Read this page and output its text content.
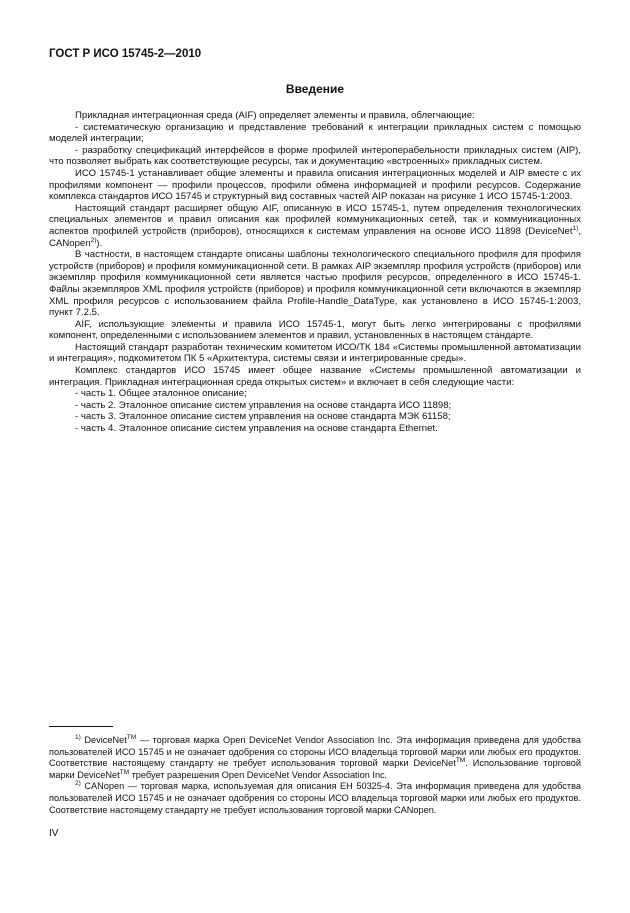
ГОСТ Р ИСО 15745-2—2010
Введение

Прикладная интеграционная среда (AIF) определяет элементы и правила, облегчающие:

- систематическую организацию и представление требований к интеграции прикладных систем с помощью моделей интеграции;

- разработку спецификаций интерфейсов в форме профилей интероперабельности прикладных систем (AIP), что позволяет выбрать как соответствующие ресурсы, так и документацию «встроенных» прикладных систем.

ИСО 15745-1 устанавливает общие элементы и правила описания интеграционных моделей и AIP вместе с их профилями компонент — профили процессов, профили обмена информацией и профили ресурсов. Содержание комплекса стандартов ИСО 15745 и структурный вид составных частей AIP показан на рисунке 1 ИСО 15745-1:2003.

Настоящий стандарт расширяет общую AIF, описанную в ИСО 15745-1, путем определения технологических специальных элементов и правил описания как профилей коммуникационных сетей, так и коммуникационных аспектов профилей устройств (приборов), относящихся к системам управления на основе ИСО 11898 (DeviceNet$^{1)}$, CANopen$^{2)}$).

В частности, в настоящем стандарте описаны шаблоны технологического специального профиля для профиля устройств (приборов) и профиля коммуникационной сети. В рамках AIP экземпляр профиля устройств (приборов) или экземпляр профиля коммуникационной сети является частью профиля ресурсов, определенного в ИСО 15745-1. Файлы экземпляров XML профиля устройств (приборов) и профиля коммуникационной сети включаются в экземпляр XML профиля ресурсов с использованием файла Profile-Handle_DataType, как установлено в ИСО 15745-1:2003, пункт 7.2.5.

AIF, использующие элементы и правила ИСО 15745-1, могут быть легко интегрированы с профилями компонент, определенными с использованием элементов и правил, установленных в настоящем стандарте.

Настоящий стандарт разработан техническим комитетом ИСО/ТК 184 «Системы промышленной автоматизации и интеграция», подкомитетом ПК 5 «Архитектура, системы связи и интегрированные среды».

Комплекс стандартов ИСО 15745 имеет общее название «Системы промышленной автоматизации и интеграция. Прикладная интеграционная среда открытых систем» и включает в себя следующие части:

- часть 1. Общее эталонное описание;

- часть 2. Эталонное описание систем управления на основе стандарта ИСО 11898;

- часть 3. Эталонное описание систем управления на основе стандарта МЭК 61158;

- часть 4. Эталонное описание систем управления на основе стандарта Ethernet.

$^{1)}$ DeviceNet™ — торговая марка Open DeviceNet Vendor Association Inc. Эта информация приведена для удобства пользователей ИСО 15745 и не означает одобрения со стороны ИСО владельца торговой марки или любых его продуктов. Соответствие настоящему стандарту не требует использования торговой марки DeviceNet™. Использование торговой марки DeviceNet™ требует разрешения Open DeviceNet Vendor Association Inc.

$^{2)}$ CANopen — торговая марка, используемая для описания ЕН 50325-4. Эта информация приведена для удобства пользователей ИСО 15745 и не означает одобрения со стороны ИСО владельца торговой марки или любых его продуктов. Соответствие настоящему стандарту не требует использования торговой марки CANopen.

IV
